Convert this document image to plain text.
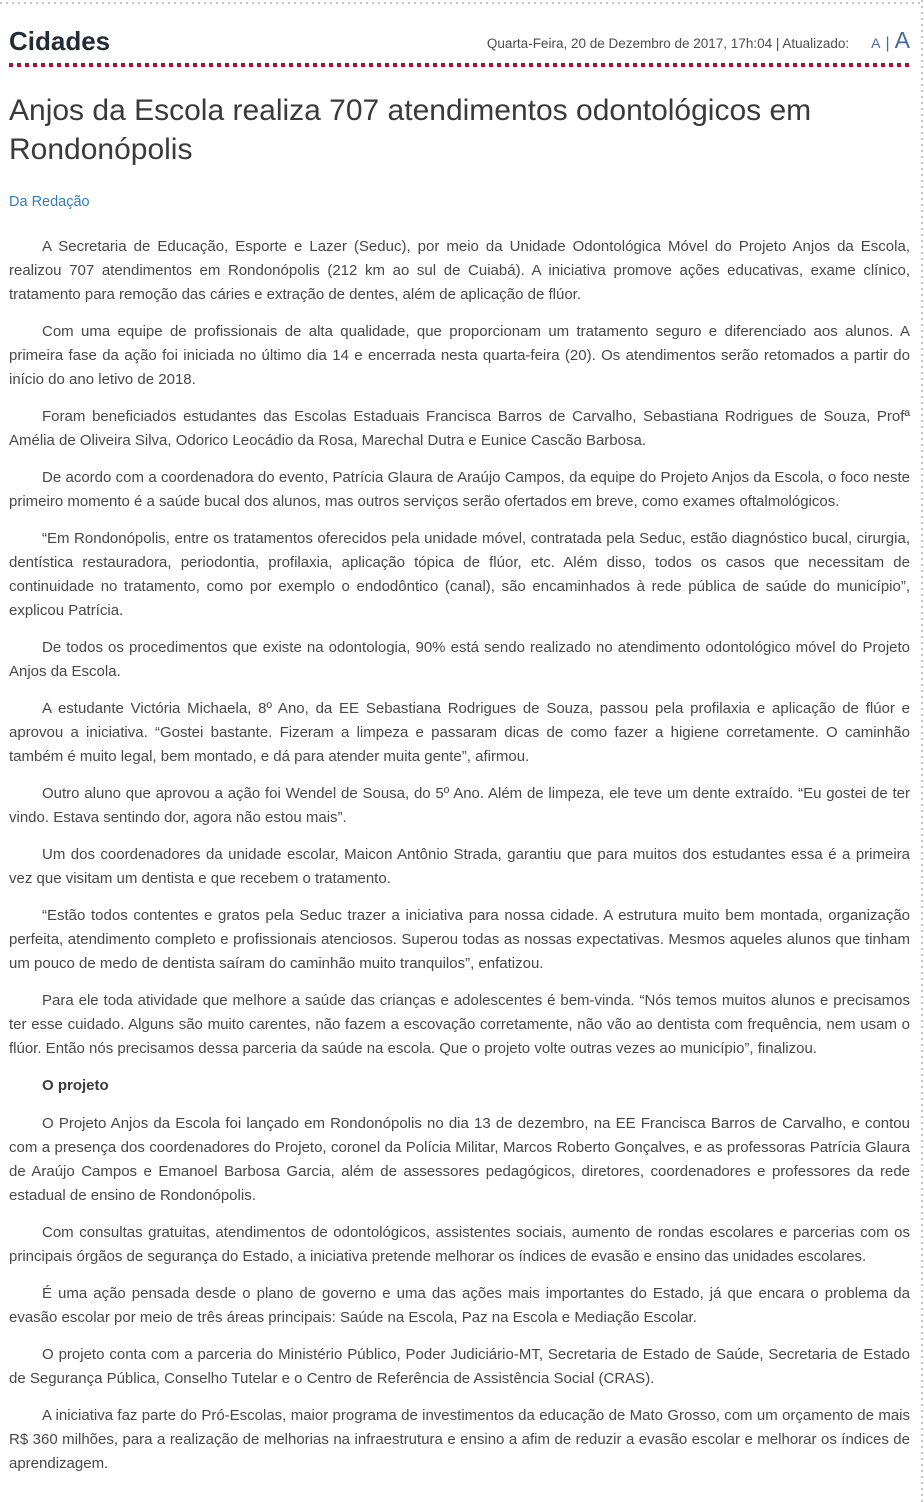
Cidades	Quarta-Feira, 20 de Dezembro de 2017, 17h:04 | Atualizado: A | A
Anjos da Escola realiza 707 atendimentos odontológicos em Rondonópolis
Da Redação

A Secretaria de Educação, Esporte e Lazer (Seduc), por meio da Unidade Odontológica Móvel do Projeto Anjos da Escola, realizou 707 atendimentos em Rondonópolis (212 km ao sul de Cuiabá). A iniciativa promove ações educativas, exame clínico, tratamento para remoção das cáries e extração de dentes, além de aplicação de flúor.

Com uma equipe de profissionais de alta qualidade, que proporcionam um tratamento seguro e diferenciado aos alunos. A primeira fase da ação foi iniciada no último dia 14 e encerrada nesta quarta-feira (20). Os atendimentos serão retomados a partir do início do ano letivo de 2018.

Foram beneficiados estudantes das Escolas Estaduais Francisca Barros de Carvalho, Sebastiana Rodrigues de Souza, Profª Amélia de Oliveira Silva, Odorico Leocádio da Rosa, Marechal Dutra e Eunice Cascão Barbosa.

De acordo com a coordenadora do evento, Patrícia Glaura de Araújo Campos, da equipe do Projeto Anjos da Escola, o foco neste primeiro momento é a saúde bucal dos alunos, mas outros serviços serão ofertados em breve, como exames oftalmológicos.

“Em Rondonópolis, entre os tratamentos oferecidos pela unidade móvel, contratada pela Seduc, estão diagnóstico bucal, cirurgia, dentística restauradora, periodontia, profilaxia, aplicação tópica de flúor, etc. Além disso, todos os casos que necessitam de continuidade no tratamento, como por exemplo o endodôntico (canal), são encaminhados à rede pública de saúde do município”, explicou Patrícia.

De todos os procedimentos que existe na odontologia, 90% está sendo realizado no atendimento odontológico móvel do Projeto Anjos da Escola.

A estudante Victória Michaela, 8º Ano, da EE Sebastiana Rodrigues de Souza, passou pela profilaxia e aplicação de flúor e aprovou a iniciativa. “Gostei bastante. Fizeram a limpeza e passaram dicas de como fazer a higiene corretamente. O caminhão também é muito legal, bem montado, e dá para atender muita gente”, afirmou.

Outro aluno que aprovou a ação foi Wendel de Sousa, do 5º Ano. Além de limpeza, ele teve um dente extraído. “Eu gostei de ter vindo. Estava sentindo dor, agora não estou mais”.

Um dos coordenadores da unidade escolar, Maicon Antônio Strada, garantiu que para muitos dos estudantes essa é a primeira vez que visitam um dentista e que recebem o tratamento.

“Estão todos contentes e gratos pela Seduc trazer a iniciativa para nossa cidade. A estrutura muito bem montada, organização perfeita, atendimento completo e profissionais atenciosos. Superou todas as nossas expectativas. Mesmos aqueles alunos que tinham um pouco de medo de dentista saíram do caminhão muito tranquilos”, enfatizou.

Para ele toda atividade que melhore a saúde das crianças e adolescentes é bem-vinda. “Nós temos muitos alunos e precisamos ter esse cuidado. Alguns são muito carentes, não fazem a escovação corretamente, não vão ao dentista com frequência, nem usam o flúor. Então nós precisamos dessa parceria da saúde na escola. Que o projeto volte outras vezes ao município”, finalizou.

O projeto

O Projeto Anjos da Escola foi lançado em Rondonópolis no dia 13 de dezembro, na EE Francisca Barros de Carvalho, e contou com a presença dos coordenadores do Projeto, coronel da Polícia Militar, Marcos Roberto Gonçalves, e as professoras Patrícia Glaura de Araújo Campos e Emanoel Barbosa Garcia, além de assessores pedagógicos, diretores, coordenadores e professores da rede estadual de ensino de Rondonópolis.

Com consultas gratuitas, atendimentos de odontológicos, assistentes sociais, aumento de rondas escolares e parcerias com os principais órgãos de segurança do Estado, a iniciativa pretende melhorar os índices de evasão e ensino das unidades escolares.

É uma ação pensada desde o plano de governo e uma das ações mais importantes do Estado, já que encara o problema da evasão escolar por meio de três áreas principais: Saúde na Escola, Paz na Escola e Mediação Escolar.

O projeto conta com a parceria do Ministério Público, Poder Judiciário-MT, Secretaria de Estado de Saúde, Secretaria de Estado de Segurança Pública, Conselho Tutelar e o Centro de Referência de Assistência Social (CRAS).

A iniciativa faz parte do Pró-Escolas, maior programa de investimentos da educação de Mato Grosso, com um orçamento de mais R$ 360 milhões, para a realização de melhorias na infraestrutura e ensino a afim de reduzir a evasão escolar e melhorar os índices de aprendizagem.
